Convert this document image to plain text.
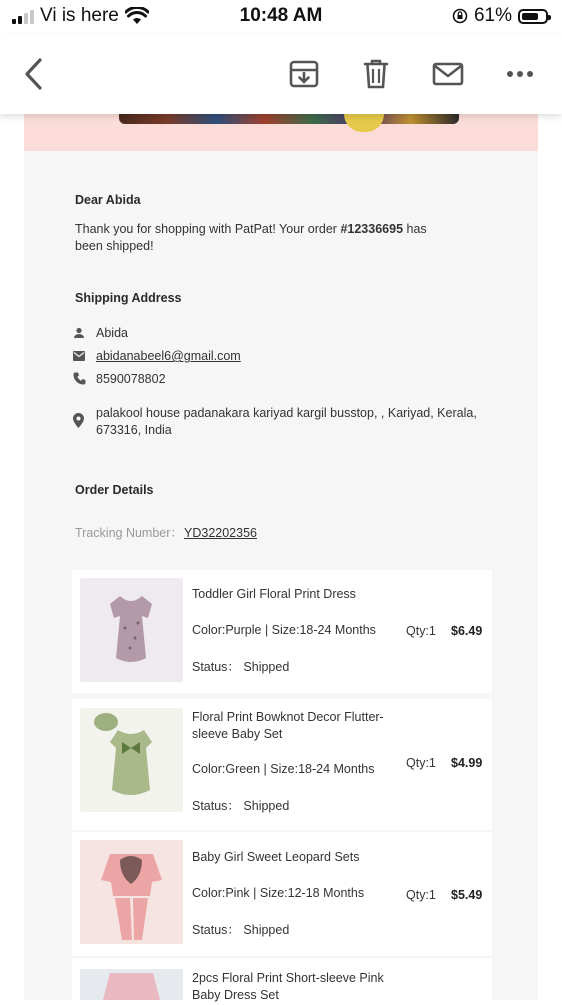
Vi is here	10:48 AM	61%
Dear Abida
Thank you for shopping with PatPat! Your order #12336695 has
been shipped!
Shipping Address
Abida
abidanabeel6@gmail.com
8590078802
palakool house padanakara kariyad kargil busstop, , Kariyad, Kerala,
673316, India
Order Details
Tracking Number： YD32202356
Toddler Girl Floral Print Dress
Color:Purple | Size:18-24 Months Qty:1 $6.49
Status： Shipped
Floral Print Bowknot Decor Flutter-
sleeve Baby Set
Color:Green | Size:18-24 Months	Qty:1 $4.99
Status： Shipped
Baby Girl Sweet Leopard Sets
Color:Pink | Size:12-18 Months	Qty:1 $5.49
Status： Shipped
2pcs Floral Print Short-sleeve Pink
Baby Dress Set
